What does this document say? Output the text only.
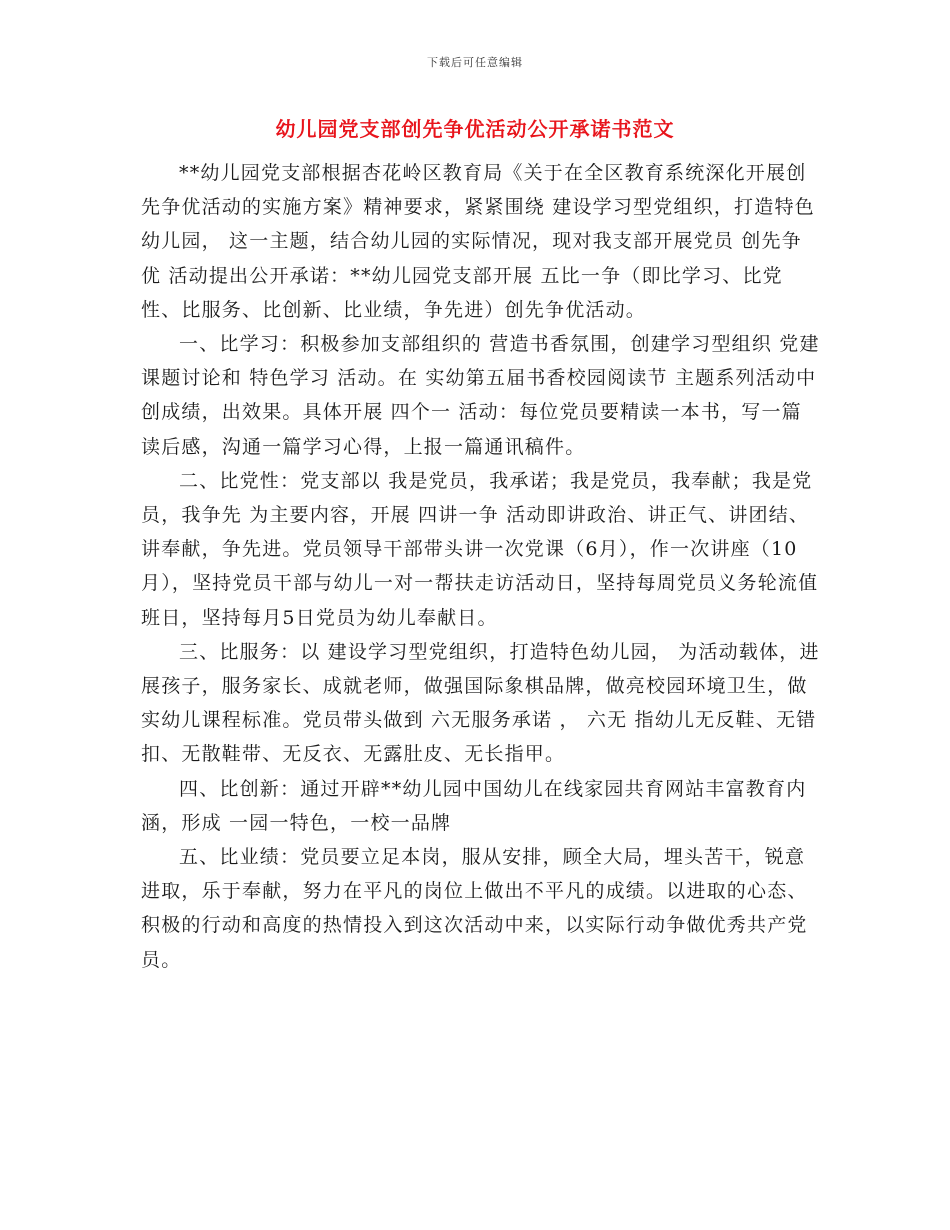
下载后可任意编辑
幼儿园党支部创先争优活动公开承诺书范文

**幼儿园党支部根据杏花岭区教育局《关于在全区教育系统深化开展创先争优活动的实施方案》精神要求，紧紧围绕 建设学习型党组织，打造特色幼儿园， 这一主题，结合幼儿园的实际情况，现对我支部开展党员 创先争优 活动提出公开承诺：**幼儿园党支部开展 五比一争（即比学习、比党性、比服务、比创新、比业绩，争先进）创先争优活动。

一、比学习：积极参加支部组织的 营造书香氛围，创建学习型组织 党建课题讨论和 特色学习 活动。在 实幼第五届书香校园阅读节 主题系列活动中创成绩，出效果。具体开展 四个一 活动：每位党员要精读一本书，写一篇读后感，沟通一篇学习心得，上报一篇通讯稿件。

二、比党性：党支部以 我是党员，我承诺；我是党员，我奉献；我是党员，我争先 为主要内容，开展 四讲一争 活动即讲政治、讲正气、讲团结、讲奉献，争先进。党员领导干部带头讲一次党课（6月），作一次讲座（10月），坚持党员干部与幼儿一对一帮扶走访活动日，坚持每周党员义务轮流值班日，坚持每月5日党员为幼儿奉献日。

三、比服务：以 建设学习型党组织，打造特色幼儿园， 为活动载体，进展孩子，服务家长、成就老师，做强国际象棋品牌，做亮校园环境卫生，做实幼儿课程标准。党员带头做到 六无服务承诺 ， 六无 指幼儿无反鞋、无错扣、无散鞋带、无反衣、无露肚皮、无长指甲。

四、比创新：通过开辟**幼儿园中国幼儿在线家园共育网站丰富教育内涵，形成 一园一特色，一校一品牌

五、比业绩：党员要立足本岗，服从安排，顾全大局，埋头苦干，锐意进取，乐于奉献，努力在平凡的岗位上做出不平凡的成绩。以进取的心态、积极的行动和高度的热情投入到这次活动中来，以实际行动争做优秀共产党员。
